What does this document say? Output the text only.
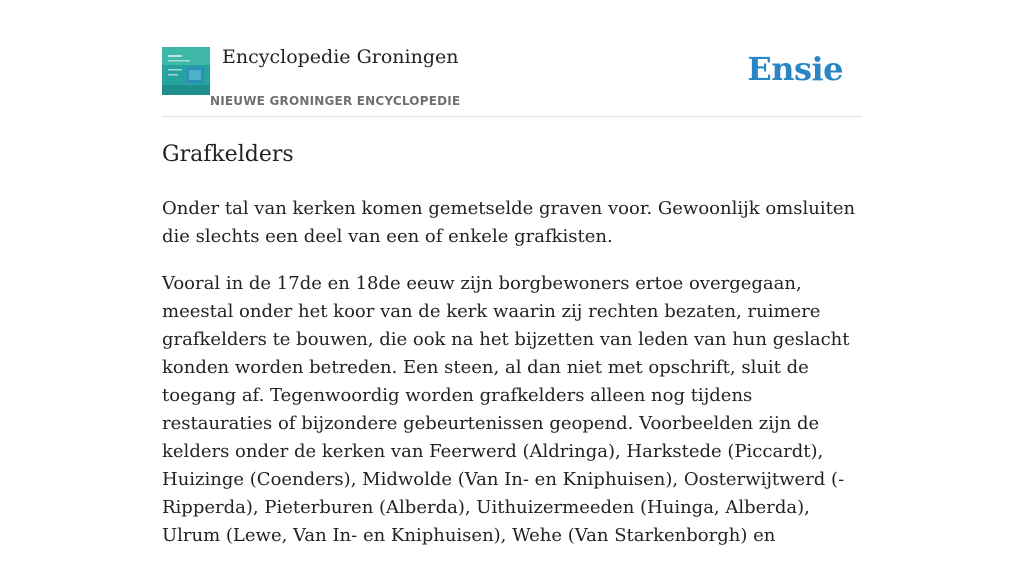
Encyclopedie Groningen
NIEUWE GRONINGER ENCYCLOPEDIE
Ensie
Grafkelders

Onder tal van kerken komen gemetselde graven voor. Gewoonlijk omsluiten die slechts een deel van een of enkele grafkisten.

Vooral in de 17de en 18de eeuw zijn borgbewoners ertoe overgegaan, meestal onder het koor van de kerk waarin zij rechten bezaten, ruimere grafkelders te bouwen, die ook na het bijzetten van leden van hun geslacht konden worden betreden. Een steen, al dan niet met opschrift, sluit de toegang af. Tegenwoordig worden grafkelders alleen nog tijdens restauraties of bijzondere gebeurtenissen geopend. Voorbeelden zijn de kelders onder de kerken van Feerwerd (Aldringa), Harkstede (Piccardt), Huizinge (Coenders), Midwolde (Van In- en Kniphuisen), Oosterwijtwerd (-Ripperda), Pieterburen (Alberda), Uithuizermeeden (Huinga, Alberda), Ulrum (Lewe, Van In- en Kniphuisen), Wehe (Van Starkenborgh) en
